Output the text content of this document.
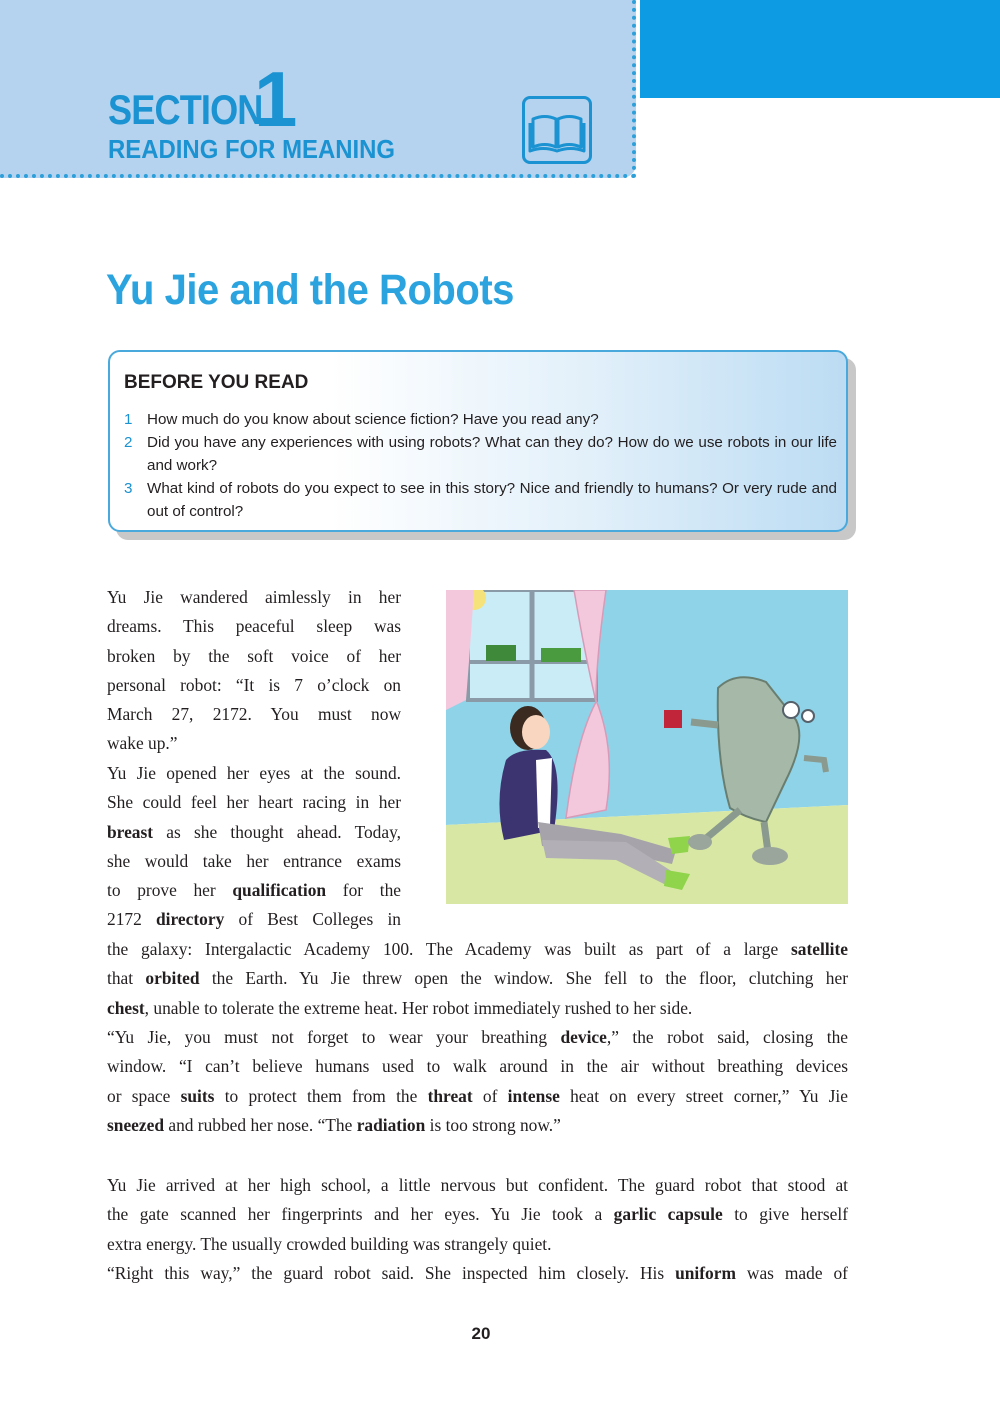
SECTION
1
READING FOR MEANING
Yu Jie and the Robots
BEFORE YOU READ
1 How much do you know about science fiction? Have you read any?
2 Did you have any experiences with using robots? What can they do? How do we use robots in our life and work?
3 What kind of robots do you expect to see in this story? Nice and friendly to humans? Or very rude and out of control?
Yu Jie wandered aimlessly in her
dreams. This peaceful sleep was
broken by the soft voice of her
personal robot: “It is 7 o’clock on
March 27, 2172. You must now
wake up.”
Yu Jie opened her eyes at the sound.
She could feel her heart racing in her
breast as she thought ahead. Today,
she would take her entrance exams
to prove her qualification for the
2172 directory of Best Colleges in
the galaxy: Intergalactic Academy 100. The Academy was built as part of a large satellite
that orbited the Earth. Yu Jie threw open the window. She fell to the floor, clutching her
chest, unable to tolerate the extreme heat. Her robot immediately rushed to her side.
“Yu Jie, you must not forget to wear your breathing device,” the robot said, closing the
window. “I can’t believe humans used to walk around in the air without breathing devices
or space suits to protect them from the threat of intense heat on every street corner,” Yu Jie
sneezed and rubbed her nose. “The radiation is too strong now.”
Yu Jie arrived at her high school, a little nervous but confident. The guard robot that stood at
the gate scanned her fingerprints and her eyes. Yu Jie took a garlic capsule to give herself
extra energy. The usually crowded building was strangely quiet.
“Right this way,” the guard robot said. She inspected him closely. His uniform was made of
20
